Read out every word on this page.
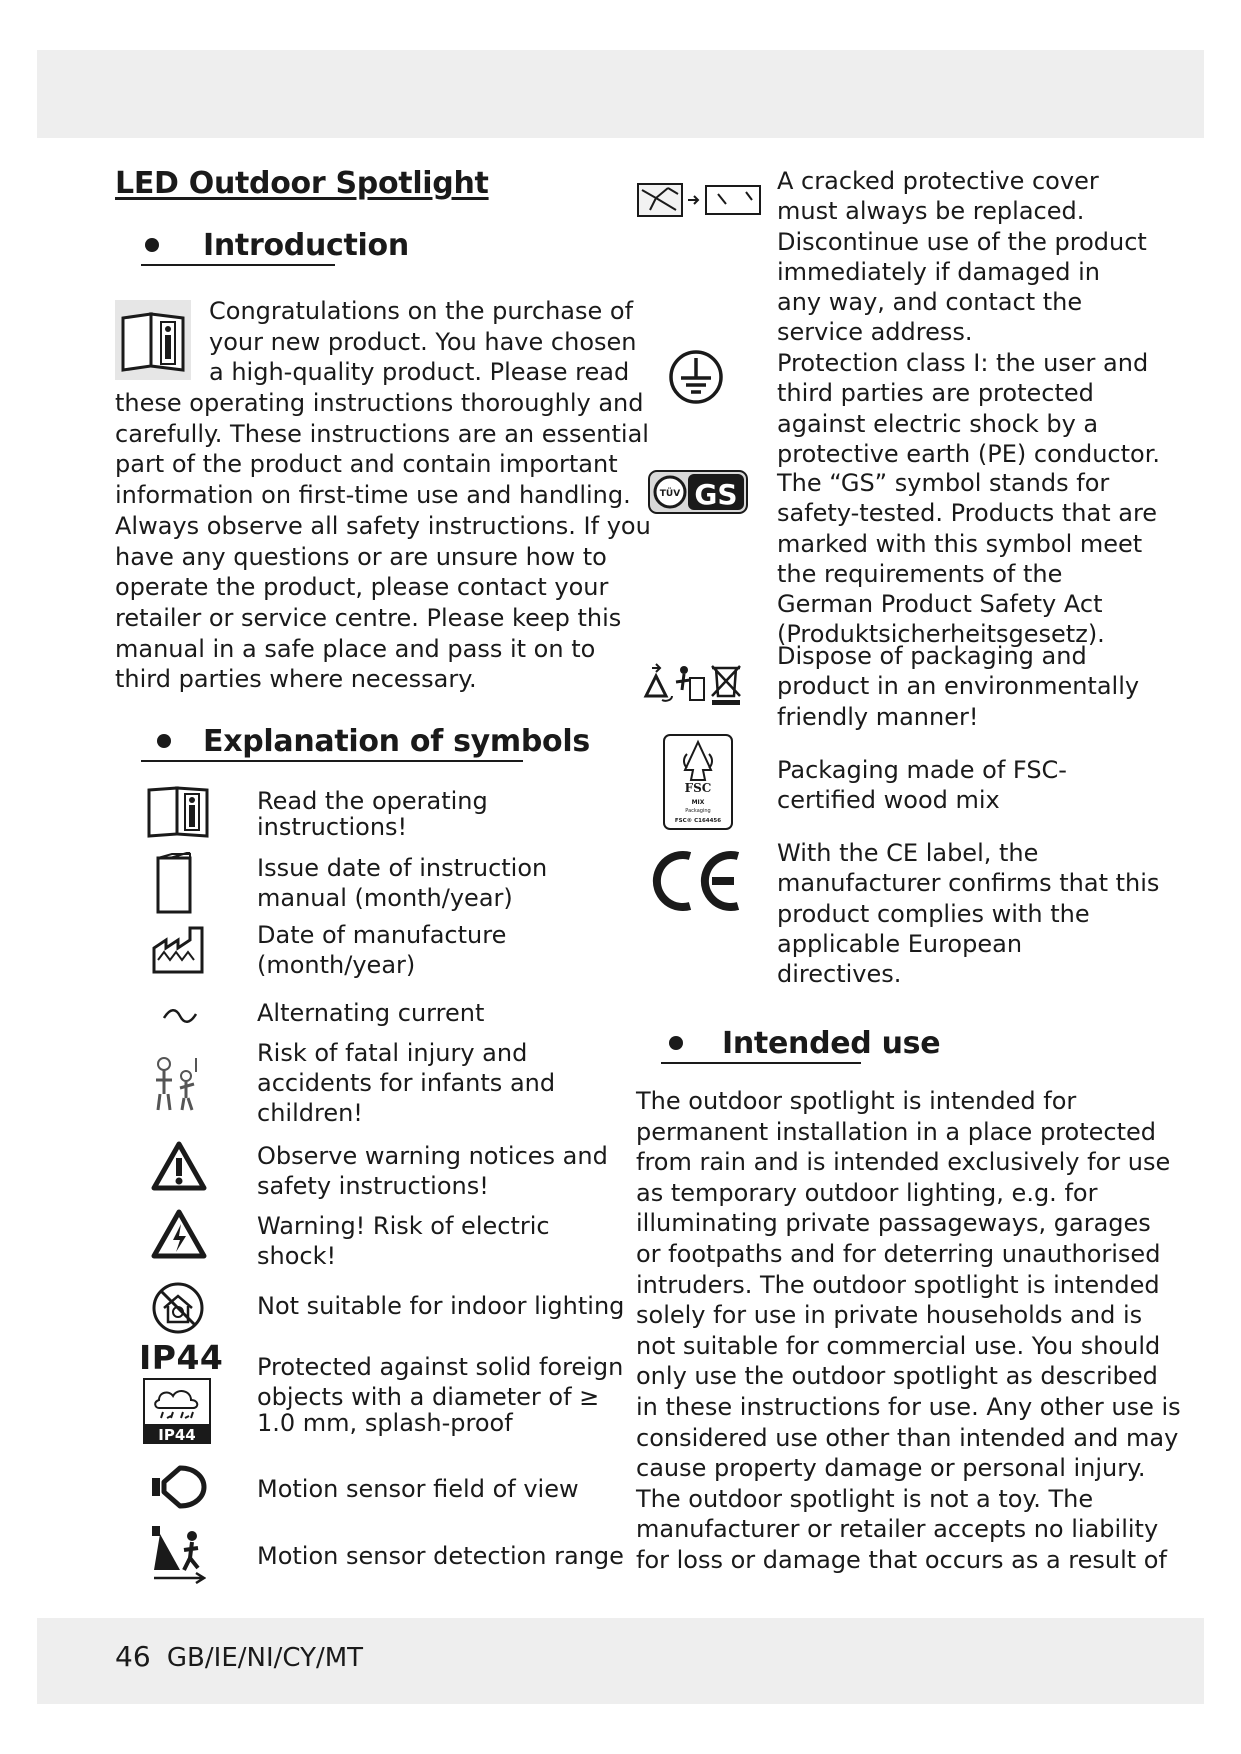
LED Outdoor Spotlight
Introduction
Congratulations on the purchase of
your new product. You have chosen
a high-quality product. Please read
these operating instructions thoroughly and
carefully. These instructions are an essential
part of the product and contain important
information on first-time use and handling.
Always observe all safety instructions. If you
have any questions or are unsure how to
operate the product, please contact your
retailer or service centre. Please keep this
manual in a safe place and pass it on to
third parties where necessary.
Explanation of symbols
Read the operating
instructions!
Issue date of instruction
manual (month/year)
Date of manufacture
(month/year)
Alternating current
Risk of fatal injury and
accidents for infants and
children!
Observe warning notices and
safety instructions!
Warning! Risk of electric
shock!
Not suitable for indoor lighting
IP44
IP44
Protected against solid foreign
objects with a diameter of ≥
1.0 mm, splash-proof
Motion sensor field of view
Motion sensor detection range
A cracked protective cover
must always be replaced.
Discontinue use of the product
immediately if damaged in
any way, and contact the
service address.
Protection class I: the user and
third parties are protected
against electric shock by a
protective earth (PE) conductor.
TÜV GS The “GS” symbol stands for
safety-tested. Products that are
marked with this symbol meet
the requirements of the
German Product Safety Act
(Produktsicherheitsgesetz).
Dispose of packaging and
product in an environmentally
friendly manner!
FSC
MIX
Packaging
FSC® C164456
Packaging made of FSC-
certified wood mix
With the CE label, the
manufacturer confirms that this
product complies with the
applicable European
directives.
Intended use
The outdoor spotlight is intended for
permanent installation in a place protected
from rain and is intended exclusively for use
as temporary outdoor lighting, e.g. for
illuminating private passageways, garages
or footpaths and for deterring unauthorised
intruders. The outdoor spotlight is intended
solely for use in private households and is
not suitable for commercial use. You should
only use the outdoor spotlight as described
in these instructions for use. Any other use is
considered use other than intended and may
cause property damage or personal injury.
The outdoor spotlight is not a toy. The
manufacturer or retailer accepts no liability
for loss or damage that occurs as a result of
46 GB/IE/NI/CY/MT
